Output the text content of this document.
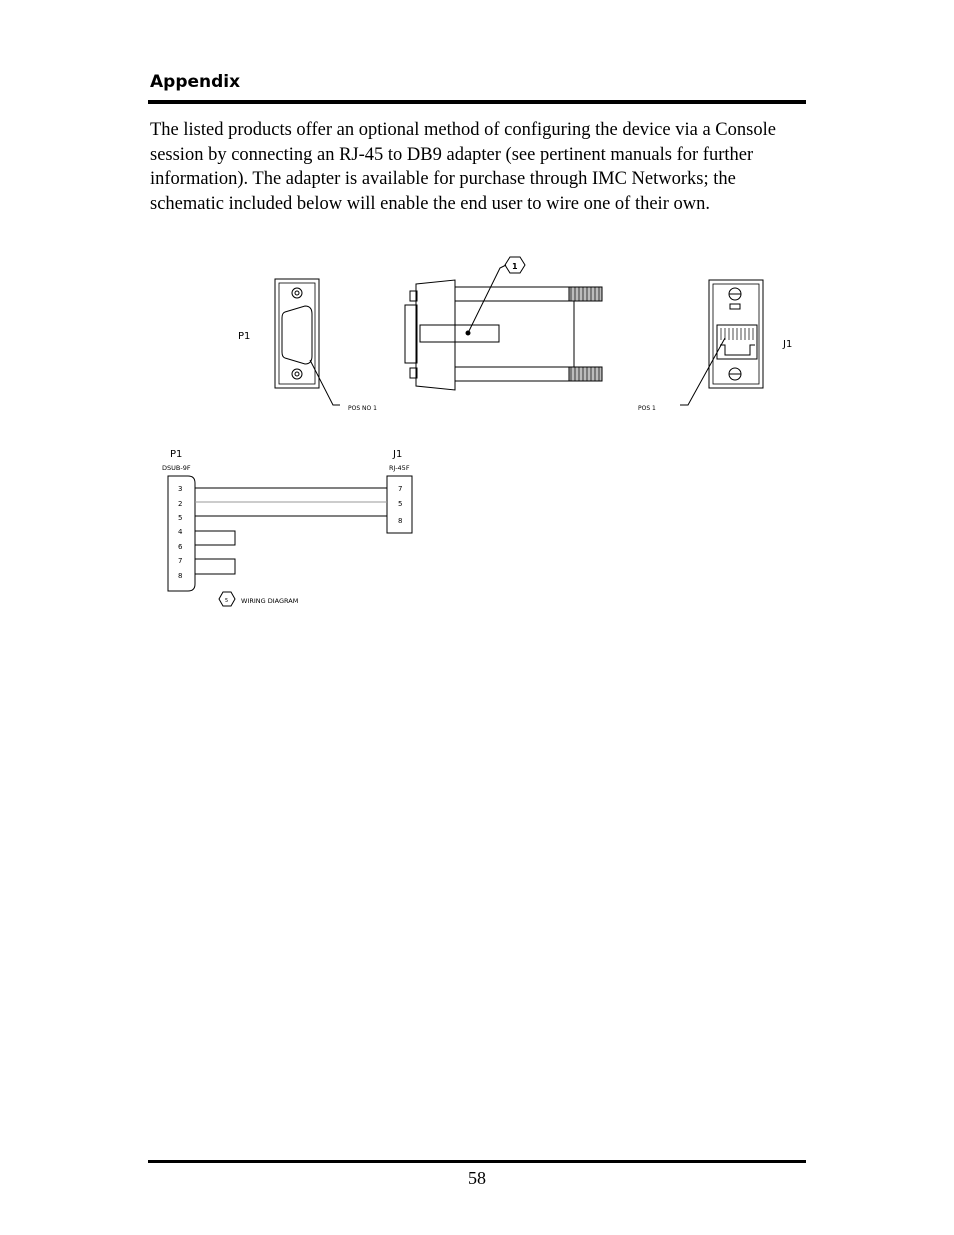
Appendix
The listed products offer an optional method of configuring the device via a Console session by connecting an RJ-45 to DB9 adapter (see pertinent manuals for further information). The adapter is available for purchase through IMC Networks; the schematic included below will enable the end user to wire one of their own.
P1
J1
1
POS NO 1	POS 1
P1
DSUB-9F
J1
RJ-45F
3
2
5
4
6
7
8
7
5
8
5 WIRING DIAGRAM
58
